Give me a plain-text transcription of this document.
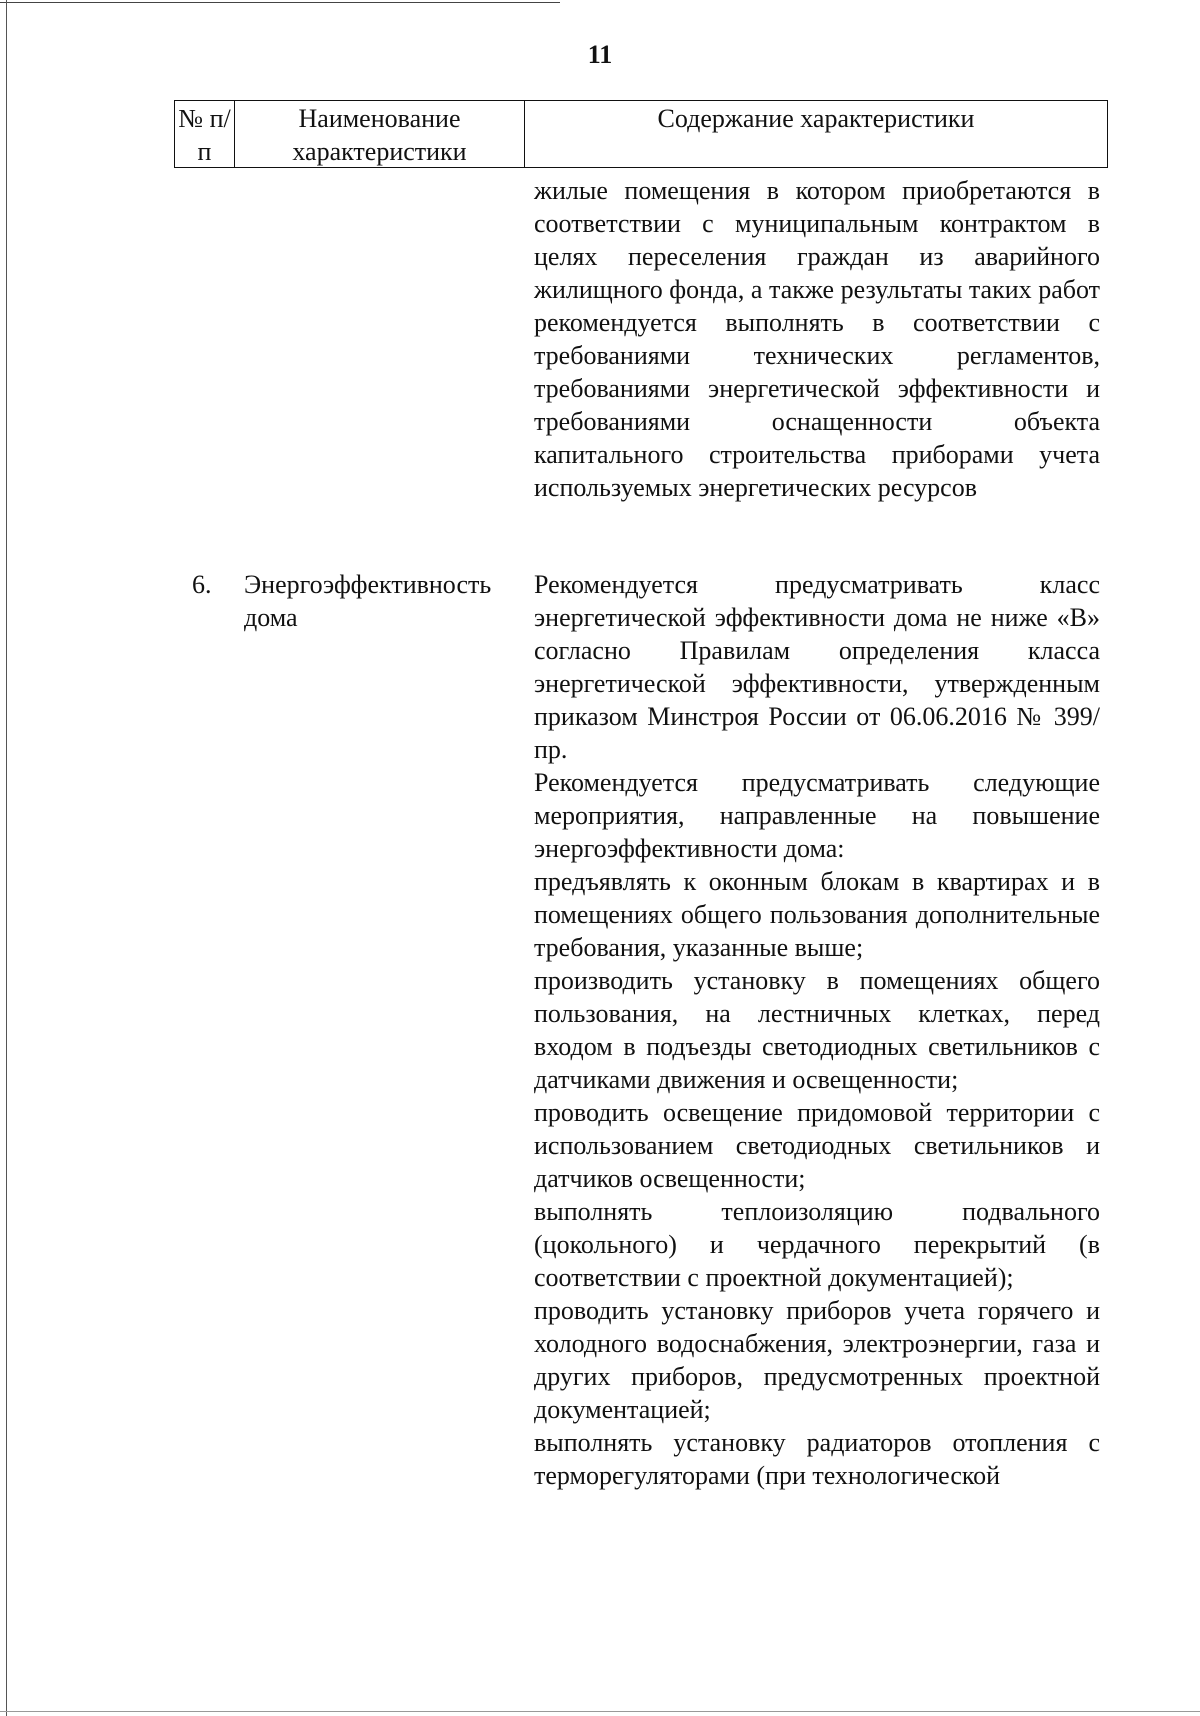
11
№ п/п
Наименование характеристики
Содержание характеристики

жилые помещения в котором приобретаются в соответствии с муниципальным контрактом в целях переселения граждан из аварийного жилищного фонда, а также результаты таких работ рекомендуется выполнять в соответствии с требованиями технических регламентов, требованиями энергетической эффективности и требованиями оснащенности объекта капитального строительства приборами учета используемых энергетических ресурсов

6. Энергоэффективность дома

Рекомендуется предусматривать класс энергетической эффективности дома не ниже «В» согласно Правилам определения класса энергетической эффективности, утвержденным приказом Минстроя России от 06.06.2016 № 399/пр.

Рекомендуется предусматривать следующие мероприятия, направленные на повышение энергоэффективности дома:

предъявлять к оконным блокам в квартирах и в помещениях общего пользования дополнительные требования, указанные выше;

производить установку в помещениях общего пользования, на лестничных клетках, перед входом в подъезды светодиодных светильников с датчиками движения и освещенности;

проводить освещение придомовой территории с использованием светодиодных светильников и датчиков освещенности;

выполнять теплоизоляцию подвального (цокольного) и чердачного перекрытий (в соответствии с проектной документацией);

проводить установку приборов учета горячего и холодного водоснабжения, электроэнергии, газа и других приборов, предусмотренных проектной документацией;

выполнять установку радиаторов отопления с терморегуляторами (при технологической
